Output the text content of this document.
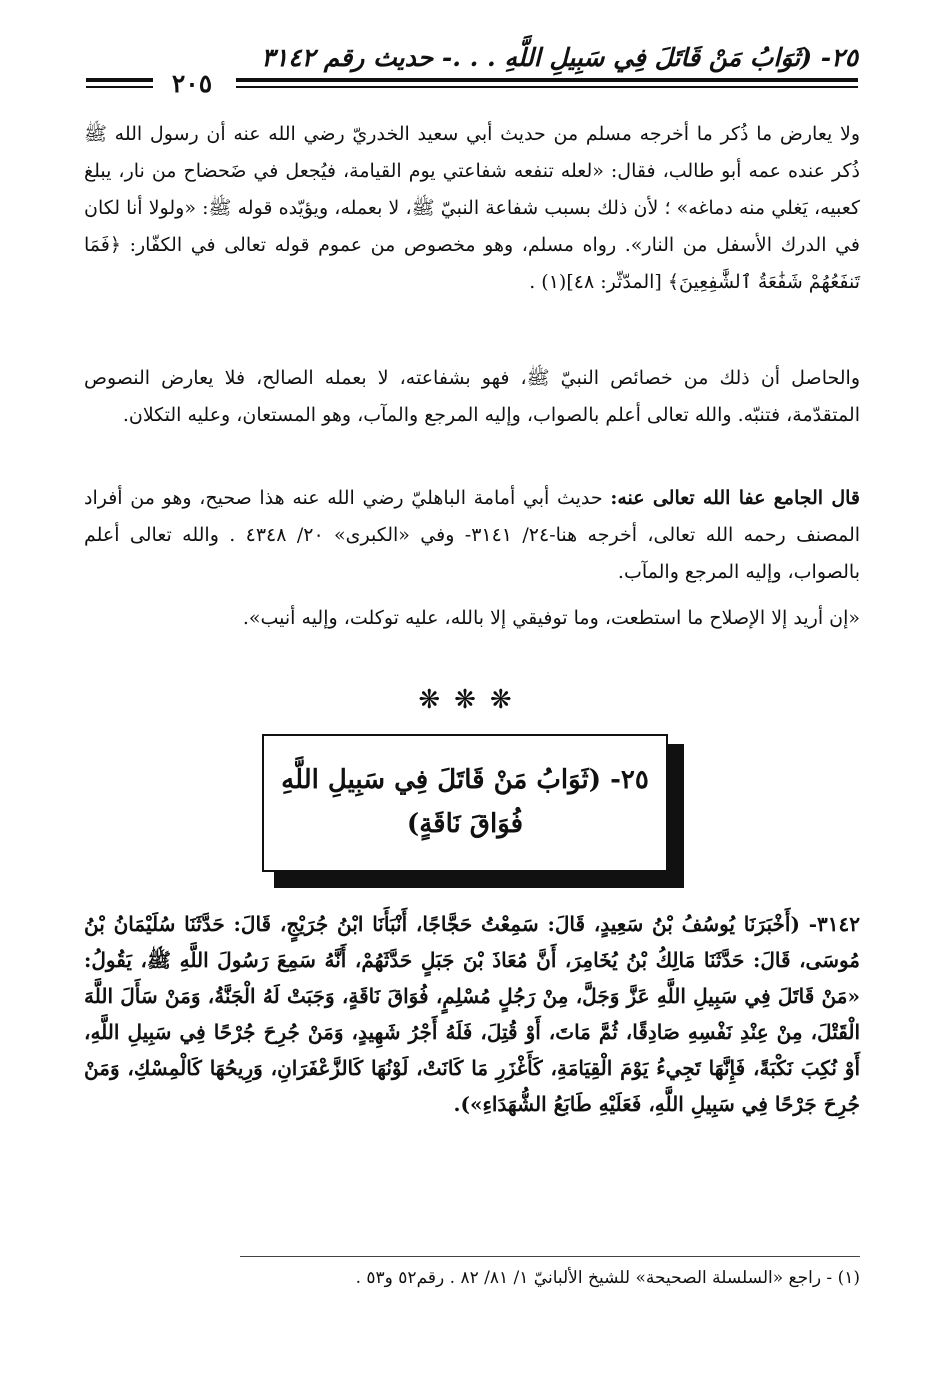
٢٥- (ثَوَابُ مَنْ قَاتَلَ فِي سَبِيلِ اللَّهِ . . .- حديث رقم ٣١٤٢
٢٠٥

ولا يعارض ما ذُكر ما أخرجه مسلم من حديث أبي سعيد الخدريّ رضي الله عنه أن رسول الله ﷺ ذُكر عنده عمه أبو طالب، فقال: «لعله تنفعه شفاعتي يوم القيامة، فيُجعل في ضَحضاح من نار، يبلغ كعبيه، يَغلي منه دماغه» ؛ لأن ذلك بسبب شفاعة النبيّ ﷺ، لا بعمله، ويؤيّده قوله ﷺ: «ولولا أنا لكان في الدرك الأسفل من النار». رواه مسلم، وهو مخصوص من عموم قوله تعالى في الكفّار: ﴿فَمَا تَنفَعُهُمْ شَفَٰعَةُ ٱلشَّٰفِعِينَ﴾ [المدّثّر: ٤٨](١) .

والحاصل أن ذلك من خصائص النبيّ ﷺ، فهو بشفاعته، لا بعمله الصالح، فلا يعارض النصوص المتقدّمة، فتنبّه. والله تعالى أعلم بالصواب، وإليه المرجع والمآب، وهو المستعان، وعليه التكلان.

قال الجامع عفا الله تعالى عنه: حديث أبي أمامة الباهليّ رضي الله عنه هذا صحيح، وهو من أفراد المصنف رحمه الله تعالى، أخرجه هنا-٢٤/ ٣١٤١- وفي «الكبرى» ٢٠/ ٤٣٤٨ . والله تعالى أعلم بالصواب، وإليه المرجع والمآب.

«إن أريد إلا الإصلاح ما استطعت، وما توفيقي إلا بالله، عليه توكلت، وإليه أنيب».

❋❋❋
٢٥- (ثَوَابُ مَنْ قَاتَلَ فِي سَبِيلِ اللَّهِ
فُوَاقَ نَاقَةٍ)
٣١٤٢- (أَخْبَرَنَا يُوسُفُ بْنُ سَعِيدٍ، قَالَ: سَمِعْتُ حَجَّاجًا، أَنْبَأَنَا ابْنُ جُرَيْجٍ، قَالَ: حَدَّثَنَا سُلَيْمَانُ بْنُ مُوسَى، قَالَ: حَدَّثَنَا مَالِكُ بْنُ يُخَامِرَ، أَنَّ مُعَاذَ بْنَ جَبَلٍ حَدَّثَهُمْ، أَنَّهُ سَمِعَ رَسُولَ اللَّهِ ﷺ، يَقُولُ: «مَنْ قَاتَلَ فِي سَبِيلِ اللَّهِ عَزَّ وَجَلَّ، مِنْ رَجُلٍ مُسْلِمٍ، فُوَاقَ نَاقَةٍ، وَجَبَتْ لَهُ الْجَنَّةُ، وَمَنْ سَأَلَ اللَّهَ الْقَتْلَ، مِنْ عِنْدِ نَفْسِهِ صَادِقًا، ثُمَّ مَاتَ، أَوْ قُتِلَ، فَلَهُ أَجْرُ شَهِيدٍ، وَمَنْ جُرِحَ جُرْحًا فِي سَبِيلِ اللَّهِ، أَوْ نُكِبَ نَكْبَةً، فَإِنَّهَا تَجِيءُ يَوْمَ الْقِيَامَةِ، كَأَغْزَرِ مَا كَانَتْ، لَوْنُهَا كَالزَّعْفَرَانِ، وَرِيحُهَا كَالْمِسْكِ، وَمَنْ جُرِحَ جَرْحًا فِي سَبِيلِ اللَّهِ، فَعَلَيْهِ طَابَعُ الشُّهَدَاءِ»).
(١) - راجع «السلسلة الصحيحة» للشيخ الألبانيّ ١/ ٨١/ ٨٢ . رقم٥٢ و٥٣ .
